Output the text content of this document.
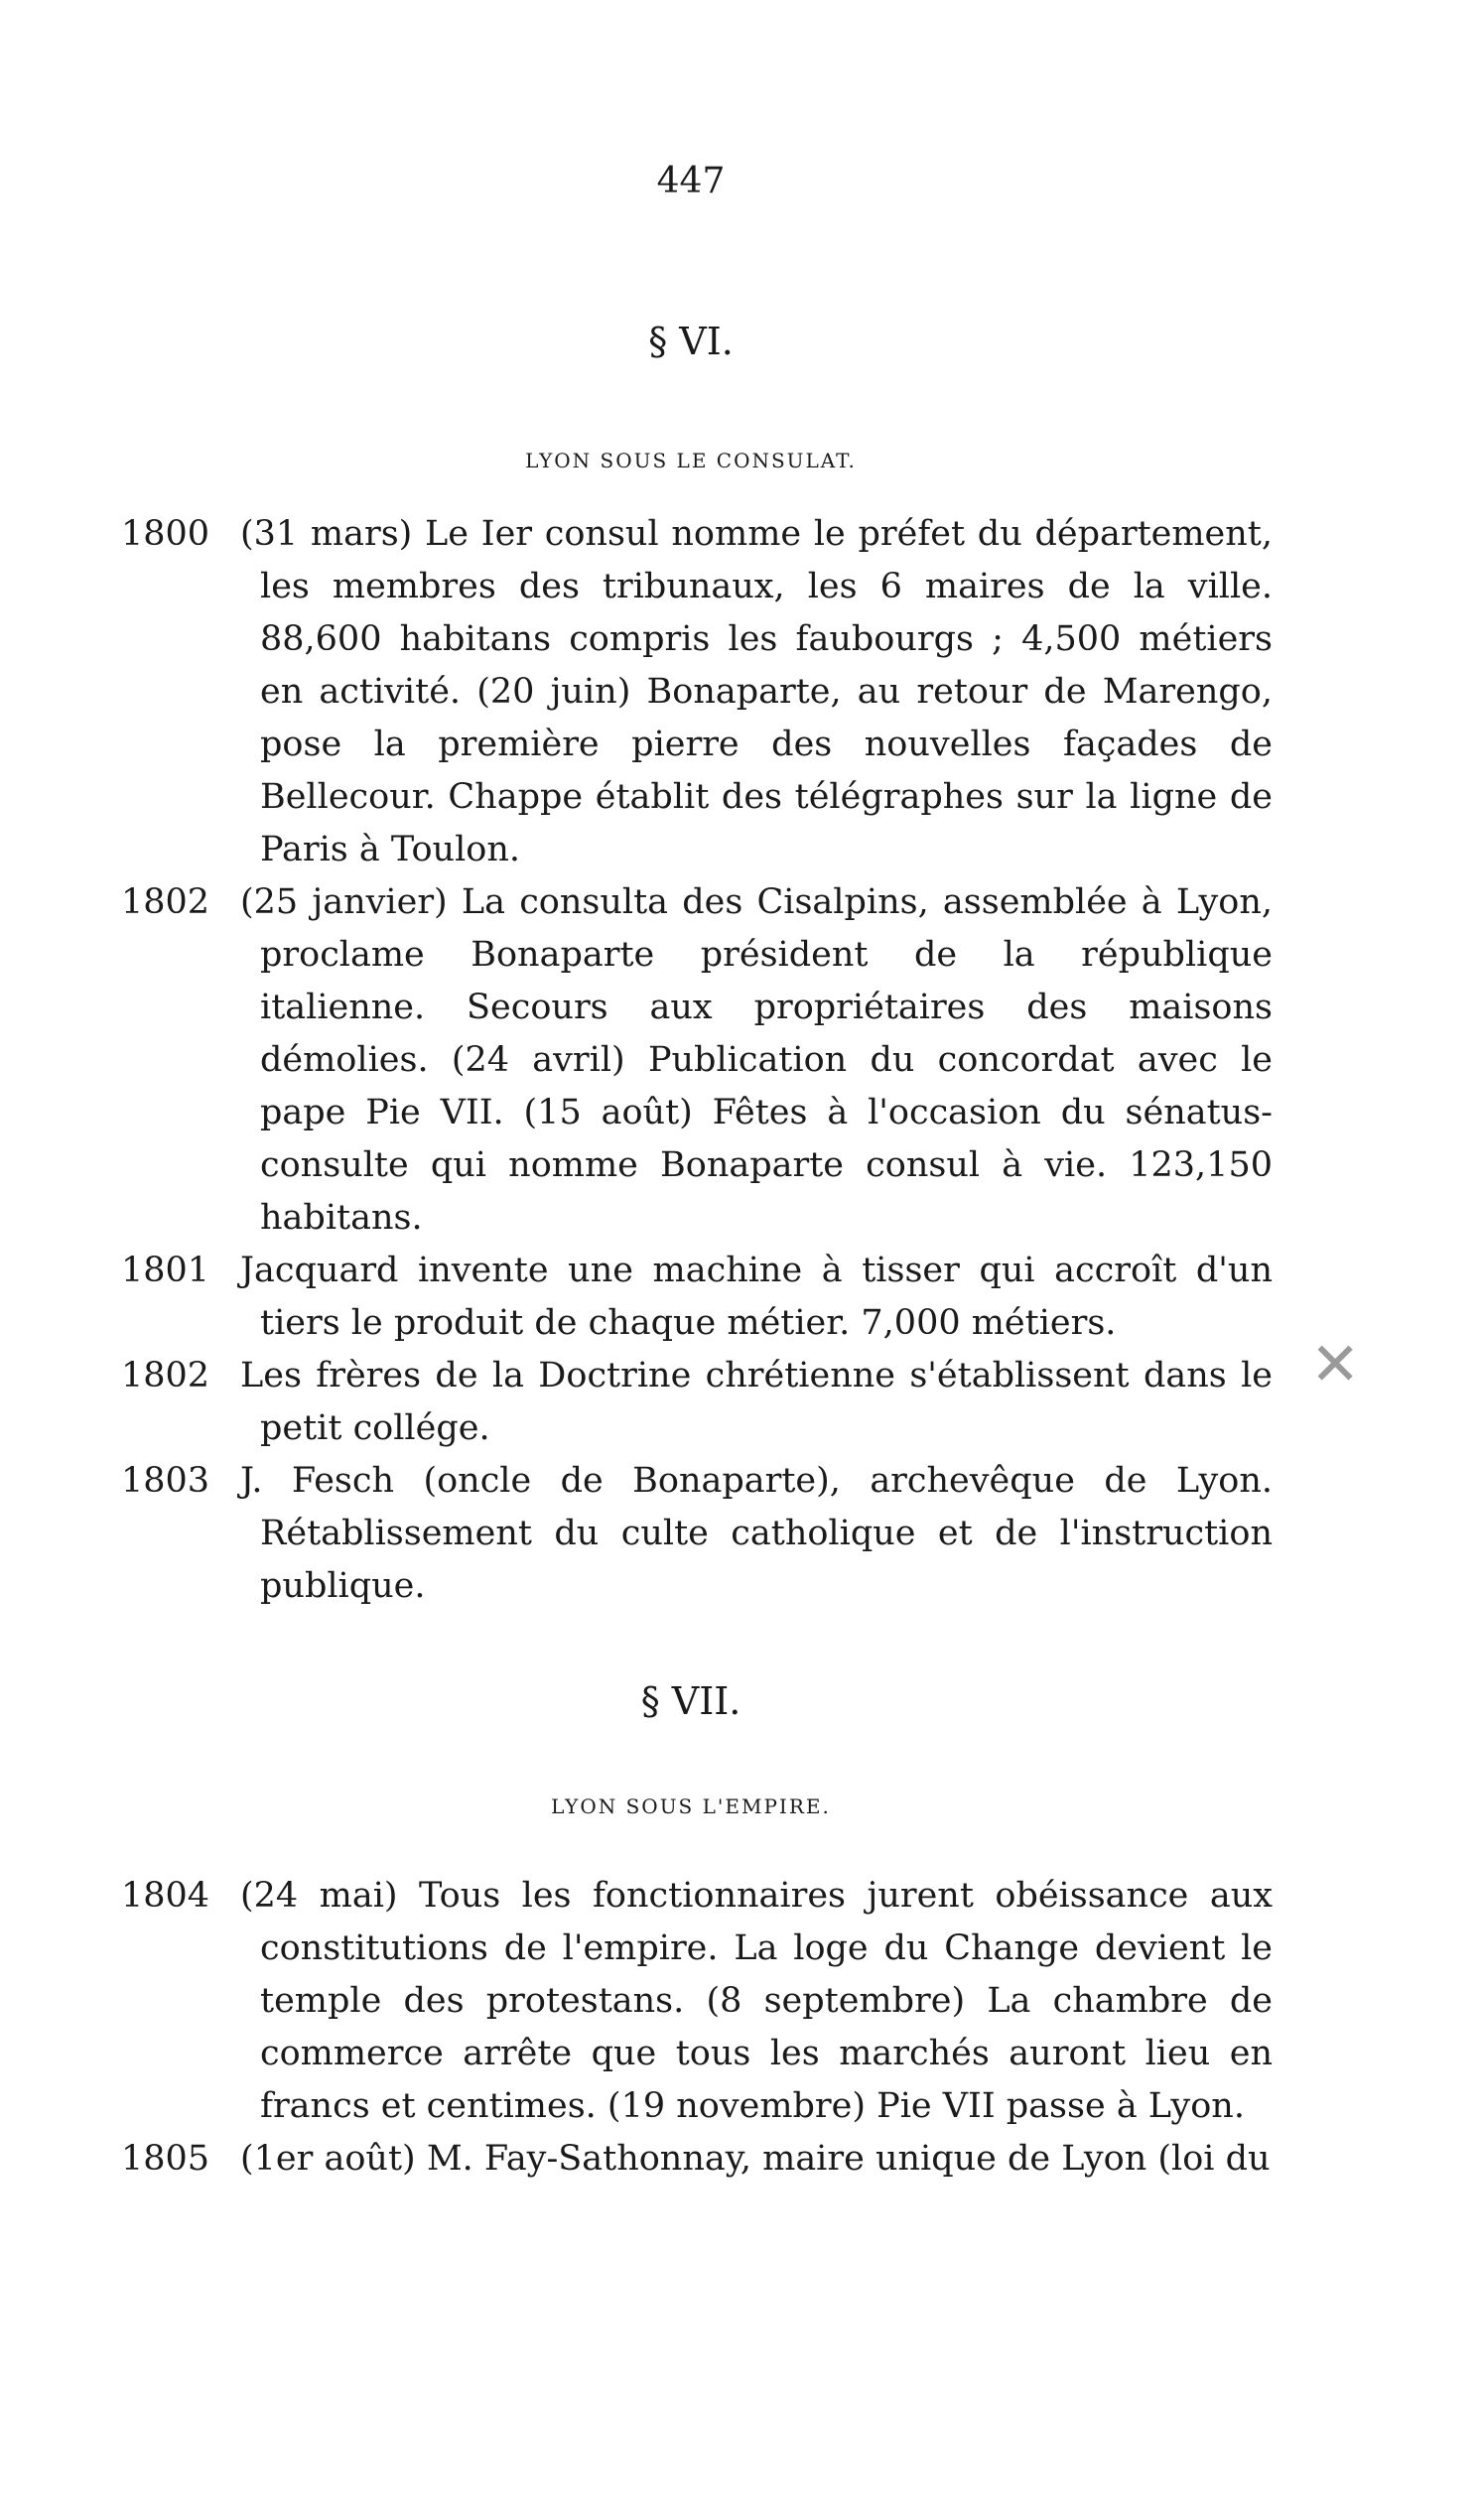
447
§ VI.
LYON SOUS LE CONSULAT.

1800 (31 mars) Le Ier consul nomme le préfet du département, les membres des tribunaux, les 6 maires de la ville. 88,600 habitans compris les faubourgs ; 4,500 métiers en activité. (20 juin) Bonaparte, au retour de Marengo, pose la première pierre des nouvelles façades de Bellecour. Chappe établit des télégraphes sur la ligne de Paris à Toulon.

1802 (25 janvier) La consulta des Cisalpins, assemblée à Lyon, proclame Bonaparte président de la république italienne. Secours aux propriétaires des maisons démolies. (24 avril) Publication du concordat avec le pape Pie VII. (15 août) Fêtes à l'occasion du sénatus-consulte qui nomme Bonaparte consul à vie. 123,150 habitans.

1801 Jacquard invente une machine à tisser qui accroît d'un tiers le produit de chaque métier. 7,000 métiers.

1802 Les frères de la Doctrine chrétienne s'établissent dans le petit collége.

1803 J. Fesch (oncle de Bonaparte), archevêque de Lyon. Rétablissement du culte catholique et de l'instruction publique.

§ VII.
LYON SOUS L'EMPIRE.

1804 (24 mai) Tous les fonctionnaires jurent obéissance aux constitutions de l'empire. La loge du Change devient le temple des protestans. (8 septembre) La chambre de commerce arrête que tous les marchés auront lieu en francs et centimes. (19 novembre) Pie VII passe à Lyon.

1805 (1er août) M. Fay-Sathonnay, maire unique de Lyon (loi du

✕
